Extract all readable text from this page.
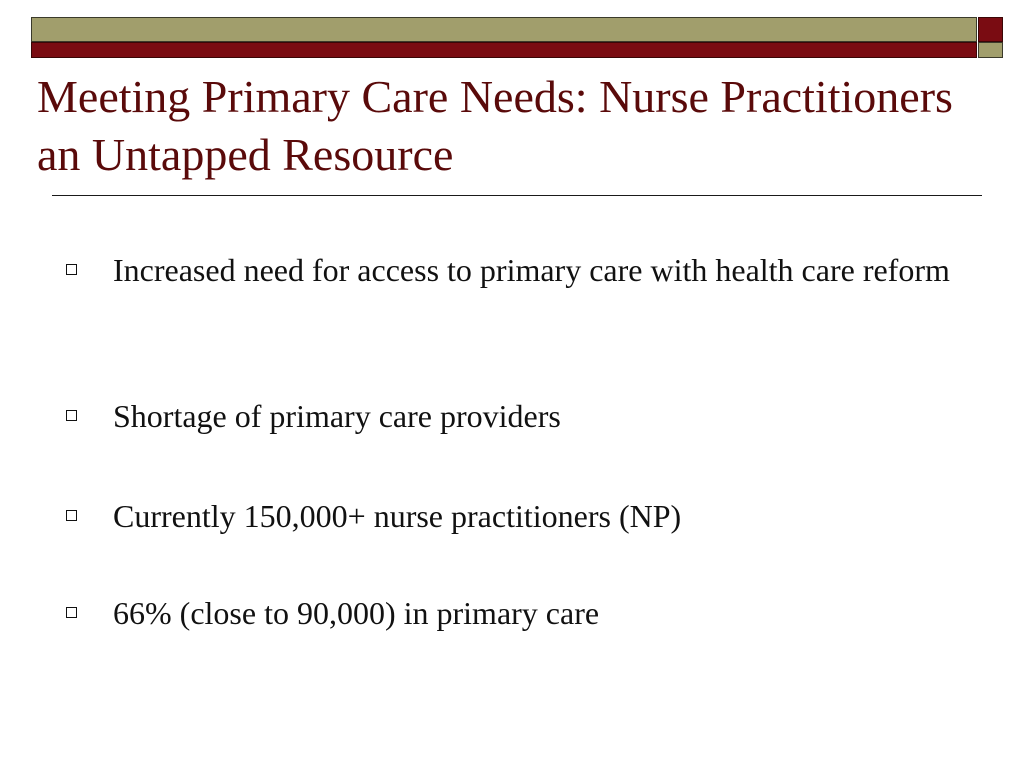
Meeting Primary Care Needs: Nurse Practitioners an Untapped Resource
Increased need for access to primary care with health care reform
Shortage of primary care providers
Currently 150,000+ nurse practitioners (NP)
66% (close to 90,000) in primary care
